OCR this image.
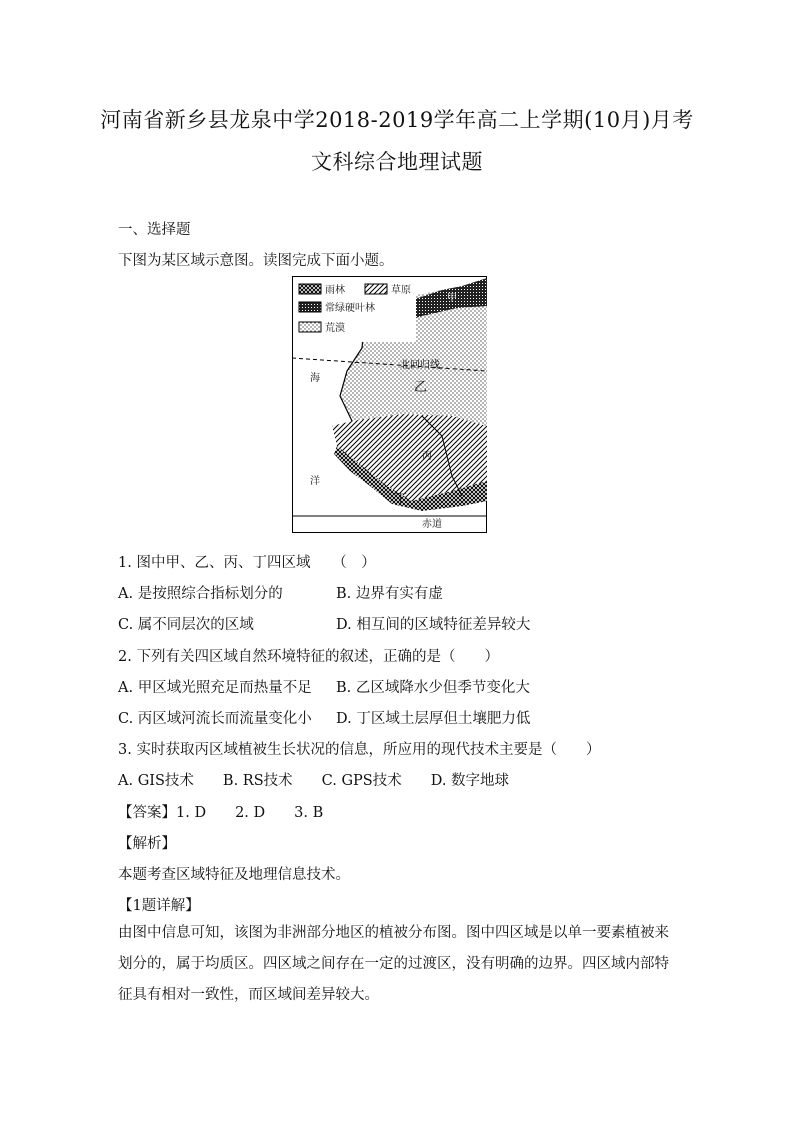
河南省新乡县龙泉中学2018-2019学年高二上学期(10月)月考
文科综合地理试题
一、选择题
下图为某区域示意图。读图完成下面小题。
雨林	草原
常绿硬叶林
荒漠
北回归线
赤道
海
洋
甲
乙
丙
丁
1. 图中甲、乙、丙、丁四区域　　（　）
A. 是按照综合指标划分的	B. 边界有实有虚
C. 属不同层次的区域	D. 相互间的区域特征差异较大
2. 下列有关四区域自然环境特征的叙述，正确的是（　　）
A. 甲区域光照充足而热量不足 B. 乙区域降水少但季节变化大
C. 丙区域河流长而流量变化小 D. 丁区域土层厚但土壤肥力低
3. 实时获取丙区域植被生长状况的信息，所应用的现代技术主要是（　　）
A. GIS技术　　B. RS技术　　C. GPS技术　　D. 数字地球
【答案】1. D　　2. D　　3. B
【解析】
本题考查区域特征及地理信息技术。
【1题详解】
由图中信息可知，该图为非洲部分地区的植被分布图。图中四区域是以单一要素植被来划分的，属于均质区。四区域之间存在一定的过渡区，没有明确的边界。四区域内部特征具有相对一致性，而区域间差异较大。
